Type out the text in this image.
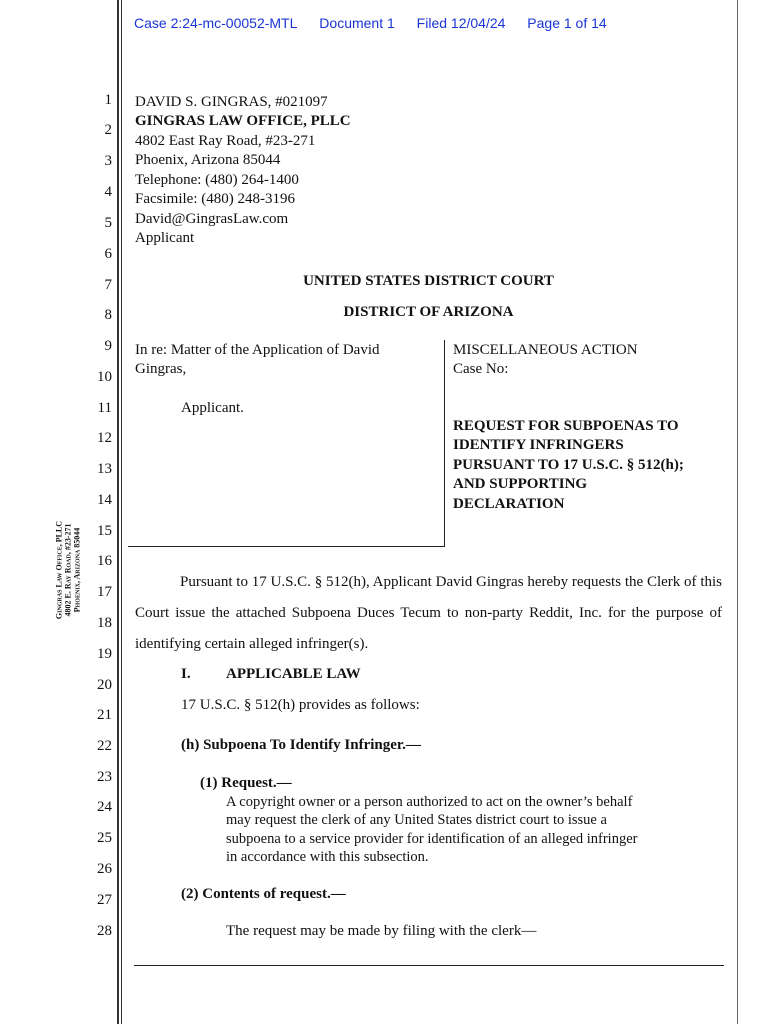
Case 2:24-mc-00052-MTL Document 1 Filed 12/04/24 Page 1 of 14
Gingras Law Office, PLLC 4802 E. Ray Road, #23-271 Phoenix, Arizona 85044
1
2
3
4
5
6
7
8
9
10
11
12
13
14
15
16
17
18
19
20
21
22
23
24
25
26
27
28
DAVID S. GINGRAS, #021097
GINGRAS LAW OFFICE, PLLC
4802 East Ray Road, #23-271
Phoenix, Arizona 85044
Telephone: (480) 264-1400
Facsimile: (480) 248-3196
David@GingrasLaw.com
Applicant
UNITED STATES DISTRICT COURT
DISTRICT OF ARIZONA
In re: Matter of the Application of David
Gingras,
Applicant.
MISCELLANEOUS ACTION
Case No:
REQUEST FOR SUBPOENAS TO
IDENTIFY INFRINGERS
PURSUANT TO 17 U.S.C. § 512(h);
AND SUPPORTING
DECLARATION
Pursuant to 17 U.S.C. § 512(h), Applicant David Gingras hereby requests the Clerk of this Court issue the attached Subpoena Duces Tecum to non-party Reddit, Inc. for the purpose of identifying certain alleged infringer(s).
I. APPLICABLE LAW
17 U.S.C. § 512(h) provides as follows:
(h) Subpoena To Identify Infringer.—
(1) Request.—
A copyright owner or a person authorized to act on the owner’s behalf
may request the clerk of any United States district court to issue a
subpoena to a service provider for identification of an alleged infringer
in accordance with this subsection.
(2) Contents of request.—
The request may be made by filing with the clerk—
